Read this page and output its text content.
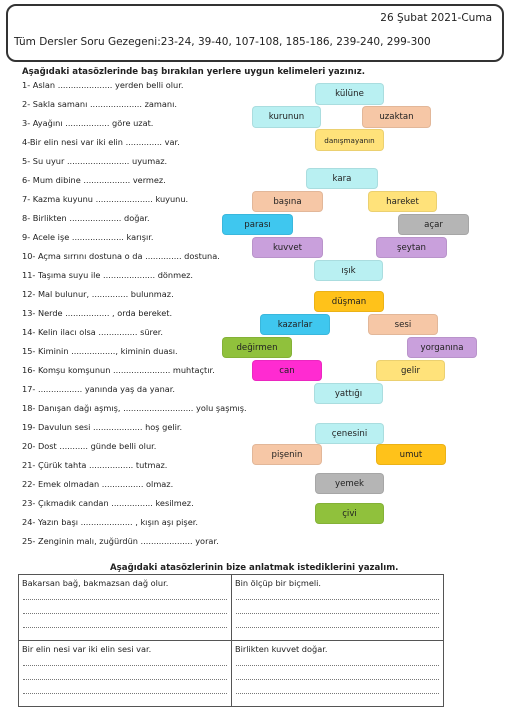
26 Şubat 2021-Cuma
Tüm Dersler Soru Gezegeni:23-24, 39-40, 107-108, 185-186, 239-240, 299-300
Aşağıdaki atasözlerinde baş bırakılan yerlere uygun kelimeleri yazınız.
1- Aslan ..................... yerden belli olur.
2- Sakla samanı .................... zamanı.
3- Ayağını ................. göre uzat.
4-Bir elin nesi var iki elin .............. var.
5- Su uyur ........................ uyumaz.
6- Mum dibine .................. vermez.
7- Kazma kuyunu ...................... kuyunu.
8- Birlikten .................... doğar.
9- Acele işe .................... karışır.
10- Açma sırrını dostuna o da .............. dostuna.
11- Taşıma suyu ile .................... dönmez.
12- Mal bulunur, .............. bulunmaz.
13- Nerde ................. , orda bereket.
14- Kelin ilacı olsa ............... sürer.
15- Kiminin ................., kiminin duası.
16- Komşu komşunun ...................... muhtaçtır.
17- ................. yanında yaş da yanar.
18- Danışan dağı aşmış, ........................... yolu şaşmış.
19- Davulun sesi ................... hoş gelir.
20- Dost ........... günde belli olur.
21- Çürük tahta ................. tutmaz.
22- Emek olmadan ................ olmaz.
23- Çıkmadık candan ................ kesilmez.
24- Yazın başı .................... , kışın aşı pişer.
25- Zenginin malı, zuğürdün .................... yorar.
külüne
kurunun	uzaktan
danışmayanın
kara
başına	hareket
parası	açar
kuvvet	şeytan
ışık
düşman
kazarlar	sesi
değirmen	yorganına
can	gelir
yattığı
çenesini
pişenin	umut
yemek
çivi
Aşağıdaki atasözlerinin bize anlatmak istediklerini yazalım.
Bakarsan bağ, bakmazsan dağ olur.	Bin ölçüp bir biçmeli.
Bir elin nesi var iki elin sesi var.	Birlikten kuvvet doğar.
